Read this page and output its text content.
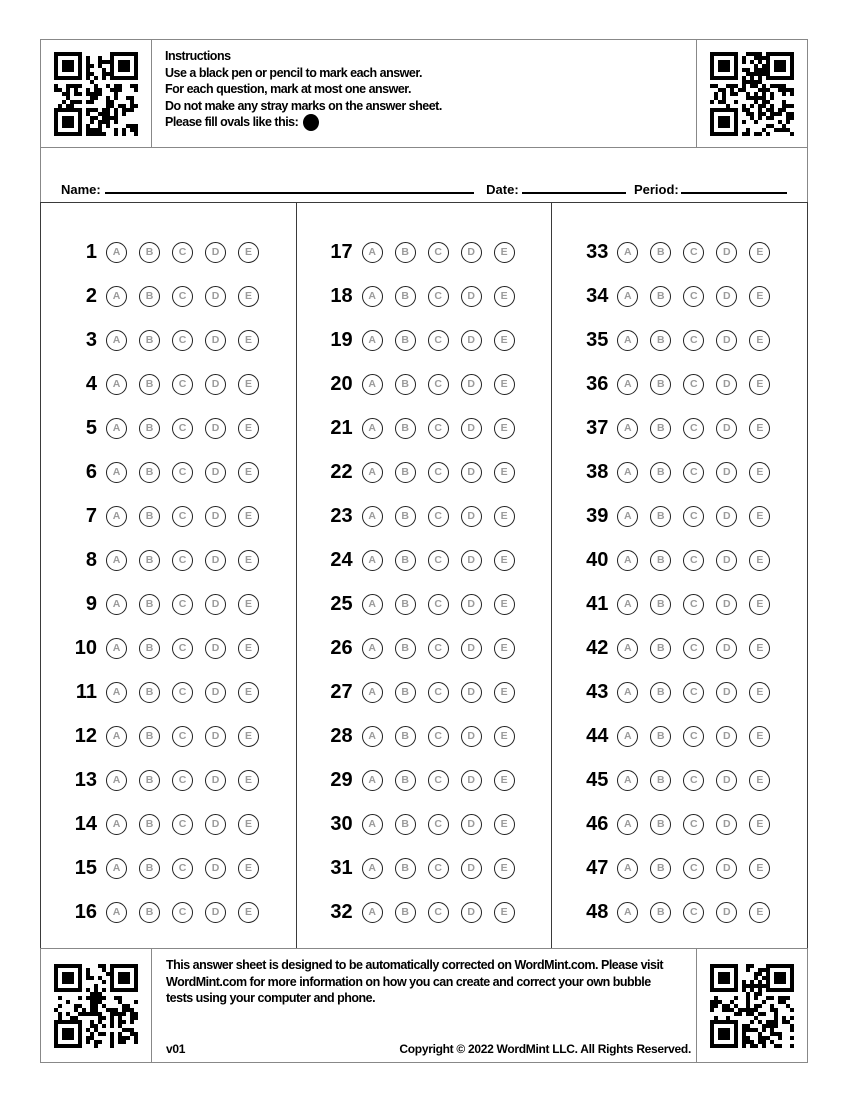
Instructions
Use a black pen or pencil to mark each answer.
For each question, mark at most one answer.
Do not make any stray marks on the answer sheet.
Please fill ovals like this:
Name:	Date:	Period:
1	A	B	C	D	E
2	A	B	C	D	E
3	A	B	C	D	E
4	A	B	C	D	E
5	A	B	C	D	E
6	A	B	C	D	E
7	A	B	C	D	E
8	A	B	C	D	E
9	A	B	C	D	E
10	A	B	C	D	E
11	A	B	C	D	E
12	A	B	C	D	E
13	A	B	C	D	E
14	A	B	C	D	E
15	A	B	C	D	E
16	A	B	C	D	E
17	A	B	C	D	E
18	A	B	C	D	E
19	A	B	C	D	E
20	A	B	C	D	E
21	A	B	C	D	E
22	A	B	C	D	E
23	A	B	C	D	E
24	A	B	C	D	E
25	A	B	C	D	E
26	A	B	C	D	E
27	A	B	C	D	E
28	A	B	C	D	E
29	A	B	C	D	E
30	A	B	C	D	E
31	A	B	C	D	E
32	A	B	C	D	E
33	A	B	C	D	E
34	A	B	C	D	E
35	A	B	C	D	E
36	A	B	C	D	E
37	A	B	C	D	E
38	A	B	C	D	E
39	A	B	C	D	E
40	A	B	C	D	E
41	A	B	C	D	E
42	A	B	C	D	E
43	A	B	C	D	E
44	A	B	C	D	E
45	A	B	C	D	E
46	A	B	C	D	E
47	A	B	C	D	E
48	A	B	C	D	E
This answer sheet is designed to be automatically corrected on WordMint.com. Please visit
WordMint.com for more information on how you can create and correct your own bubble
tests using your computer and phone.
v01	Copyright © 2022 WordMint LLC. All Rights Reserved.
